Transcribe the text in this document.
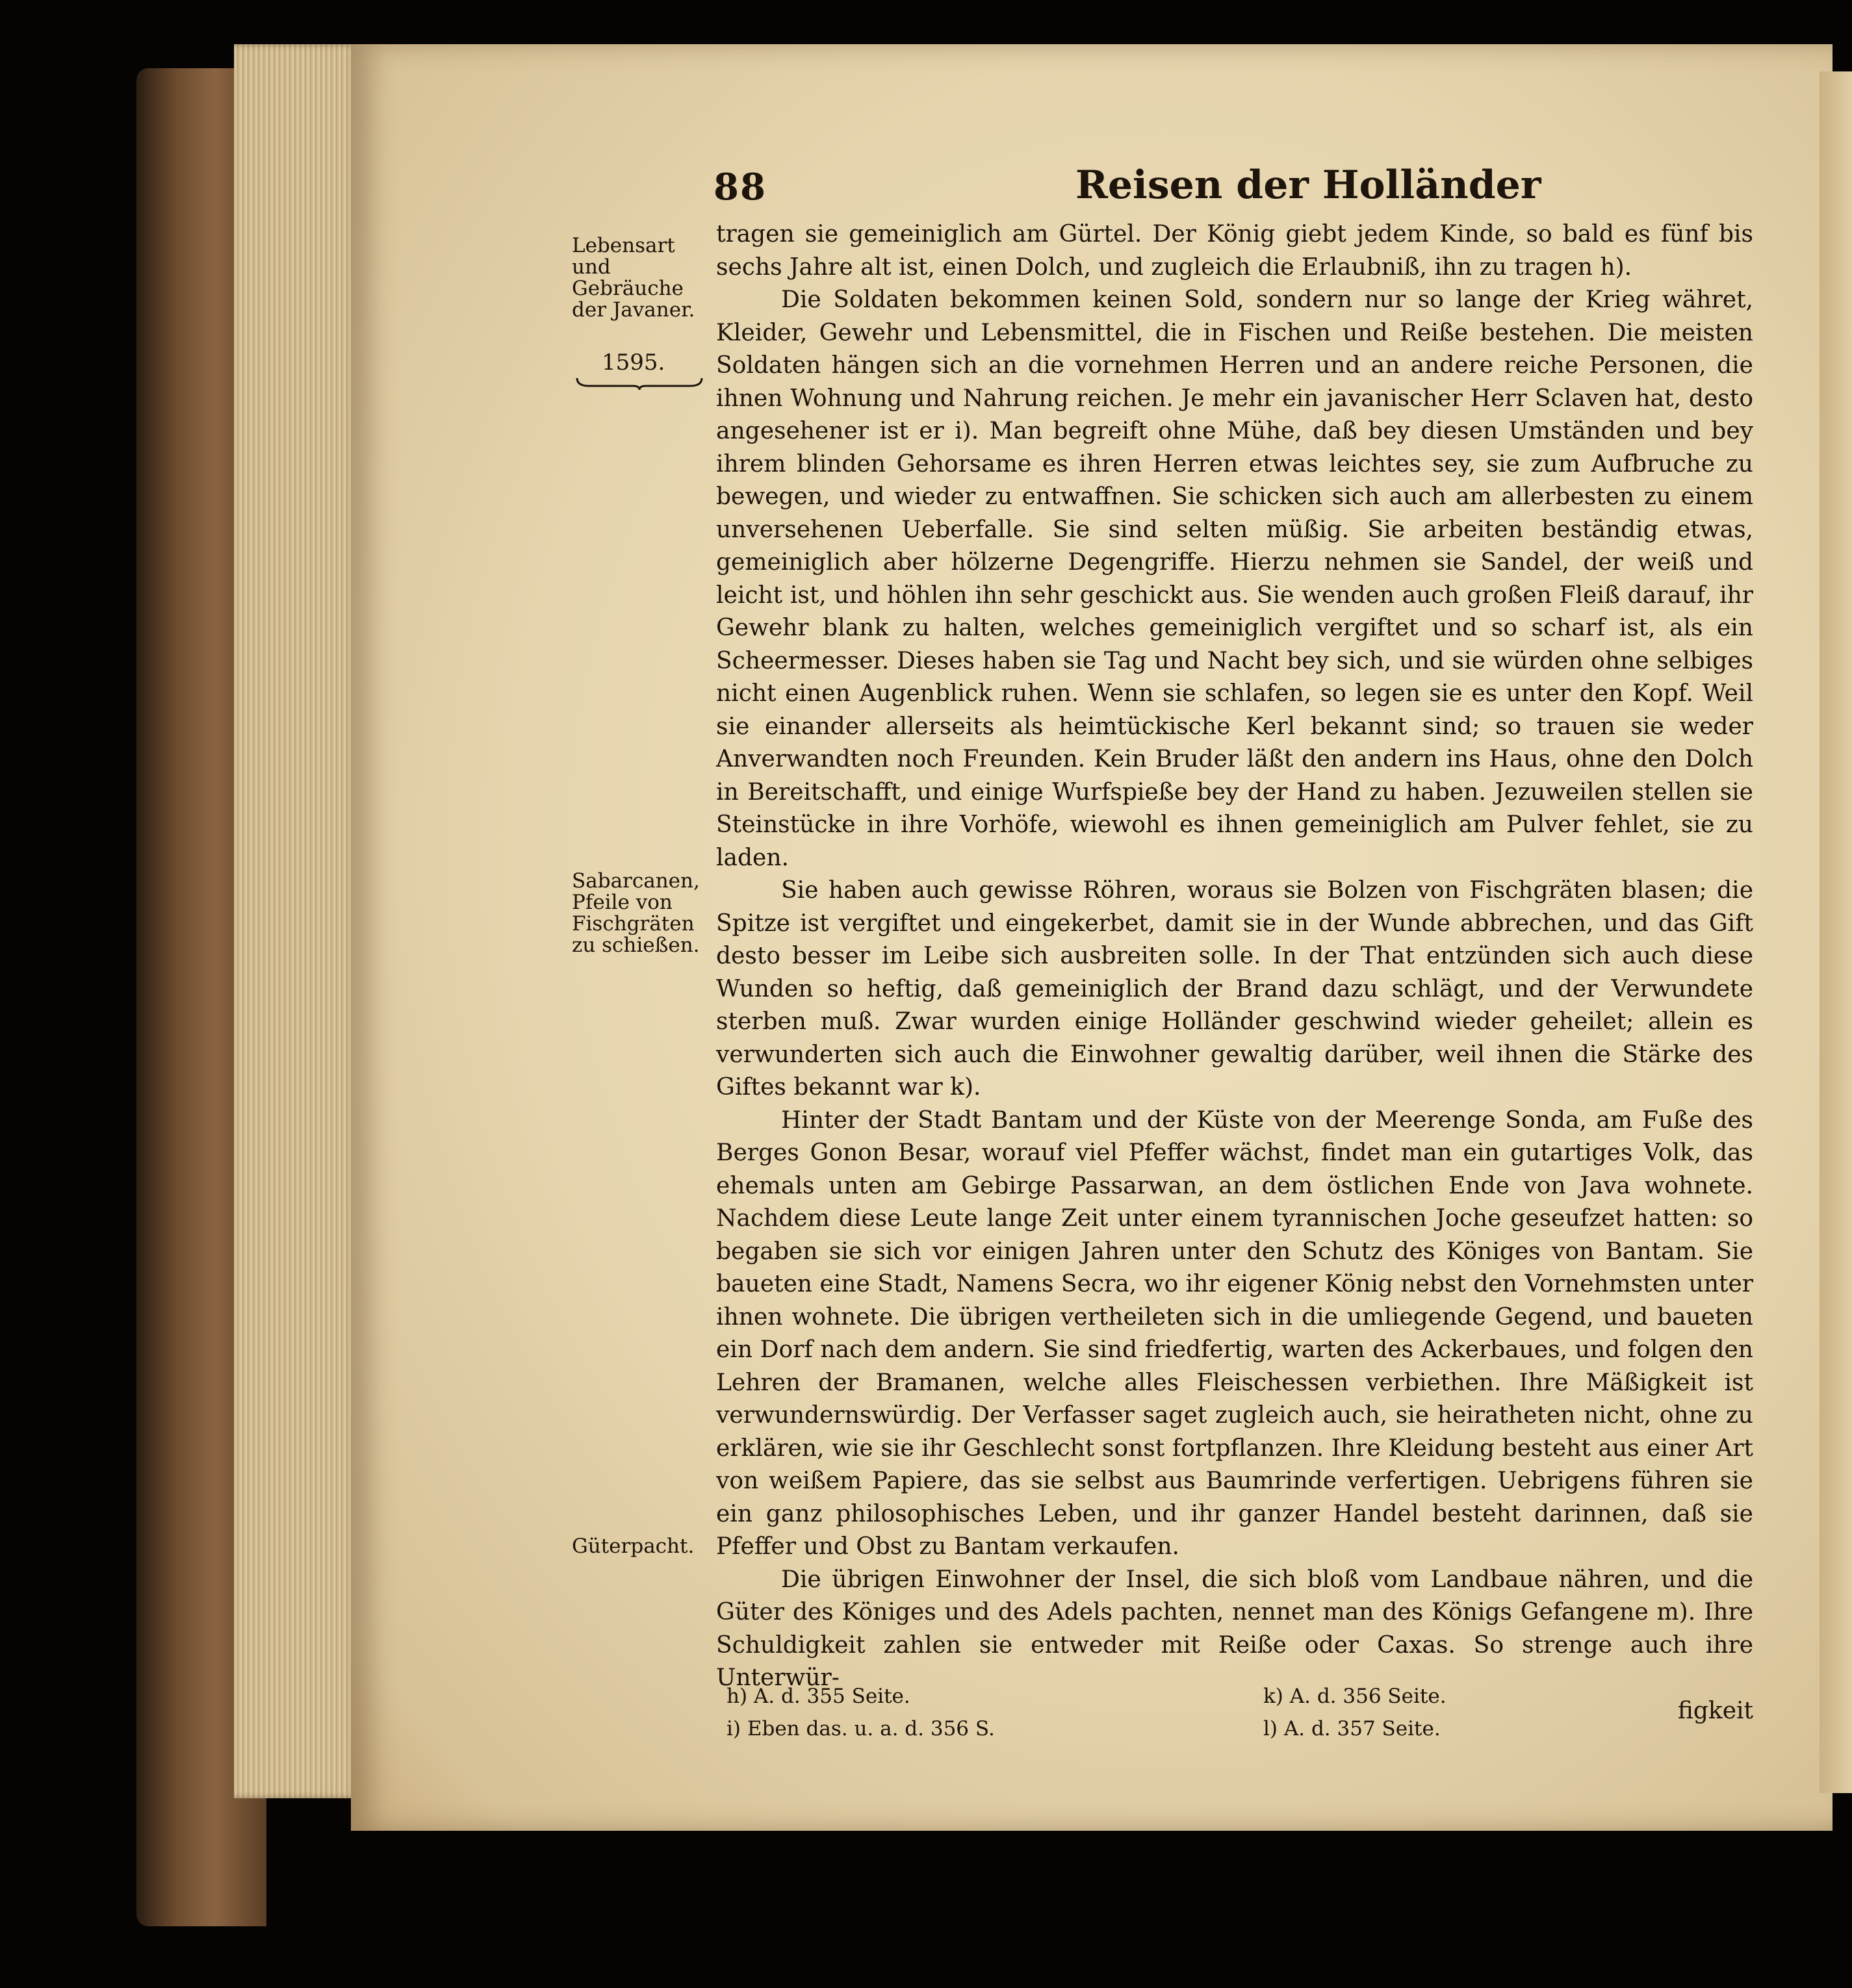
88	Reisen der Holländer
Lebensart und Gebräuche der Javaner.
1595.
Sabarcanen, Pfeile von Fischgräten zu schießen.
Güterpacht.

tragen sie gemeiniglich am Gürtel. Der König giebt jedem Kinde, so bald es fünf bis sechs Jahre alt ist, einen Dolch, und zugleich die Erlaubniß, ihn zu tragen h).

Die Soldaten bekommen keinen Sold, sondern nur so lange der Krieg währet, Kleider, Gewehr und Lebensmittel, die in Fischen und Reiße bestehen. Die meisten Soldaten hängen sich an die vornehmen Herren und an andere reiche Personen, die ihnen Wohnung und Nahrung reichen. Je mehr ein javanischer Herr Sclaven hat, desto angesehener ist er i). Man begreift ohne Mühe, daß bey diesen Umständen und bey ihrem blinden Gehorsame es ihren Herren etwas leichtes sey, sie zum Aufbruche zu bewegen, und wieder zu entwaffnen. Sie schicken sich auch am allerbesten zu einem unversehenen Ueberfalle. Sie sind selten müßig. Sie arbeiten beständig etwas, gemeiniglich aber hölzerne Degengriffe. Hierzu nehmen sie Sandel, der weiß und leicht ist, und höhlen ihn sehr geschickt aus. Sie wenden auch großen Fleiß darauf, ihr Gewehr blank zu halten, welches gemeiniglich vergiftet und so scharf ist, als ein Scheermesser. Dieses haben sie Tag und Nacht bey sich, und sie würden ohne selbiges nicht einen Augenblick ruhen. Wenn sie schlafen, so legen sie es unter den Kopf. Weil sie einander allerseits als heimtückische Kerl bekannt sind; so trauen sie weder Anverwandten noch Freunden. Kein Bruder läßt den andern ins Haus, ohne den Dolch in Bereitschafft, und einige Wurfspieße bey der Hand zu haben. Jezuweilen stellen sie Steinstücke in ihre Vorhöfe, wiewohl es ihnen gemeiniglich am Pulver fehlet, sie zu laden.

Sie haben auch gewisse Röhren, woraus sie Bolzen von Fischgräten blasen; die Spitze ist vergiftet und eingekerbet, damit sie in der Wunde abbrechen, und das Gift desto besser im Leibe sich ausbreiten solle. In der That entzünden sich auch diese Wunden so heftig, daß gemeiniglich der Brand dazu schlägt, und der Verwundete sterben muß. Zwar wurden einige Holländer geschwind wieder geheilet; allein es verwunderten sich auch die Einwohner gewaltig darüber, weil ihnen die Stärke des Giftes bekannt war k).

Hinter der Stadt Bantam und der Küste von der Meerenge Sonda, am Fuße des Berges Gonon Besar, worauf viel Pfeffer wächst, findet man ein gutartiges Volk, das ehemals unten am Gebirge Passarwan, an dem östlichen Ende von Java wohnete. Nachdem diese Leute lange Zeit unter einem tyrannischen Joche geseufzet hatten: so begaben sie sich vor einigen Jahren unter den Schutz des Königes von Bantam. Sie baueten eine Stadt, Namens Secra, wo ihr eigener König nebst den Vornehmsten unter ihnen wohnete. Die übrigen vertheileten sich in die umliegende Gegend, und baueten ein Dorf nach dem andern. Sie sind friedfertig, warten des Ackerbaues, und folgen den Lehren der Bramanen, welche alles Fleischessen verbiethen. Ihre Mäßigkeit ist verwundernswürdig. Der Verfasser saget zugleich auch, sie heiratheten nicht, ohne zu erklären, wie sie ihr Geschlecht sonst fortpflanzen. Ihre Kleidung besteht aus einer Art von weißem Papiere, das sie selbst aus Baumrinde verfertigen. Uebrigens führen sie ein ganz philosophisches Leben, und ihr ganzer Handel besteht darinnen, daß sie Pfeffer und Obst zu Bantam verkaufen.

Die übrigen Einwohner der Insel, die sich bloß vom Landbaue nähren, und die Güter des Königes und des Adels pachten, nennet man des Königs Gefangene m). Ihre Schuldigkeit zahlen sie entweder mit Reiße oder Caxas. So strenge auch ihre Unterwür-

figkeit

h) A. d. 355 Seite.
i) Eben das. u. a. d. 356 S.
k) A. d. 356 Seite.
l) A. d. 357 Seite.
